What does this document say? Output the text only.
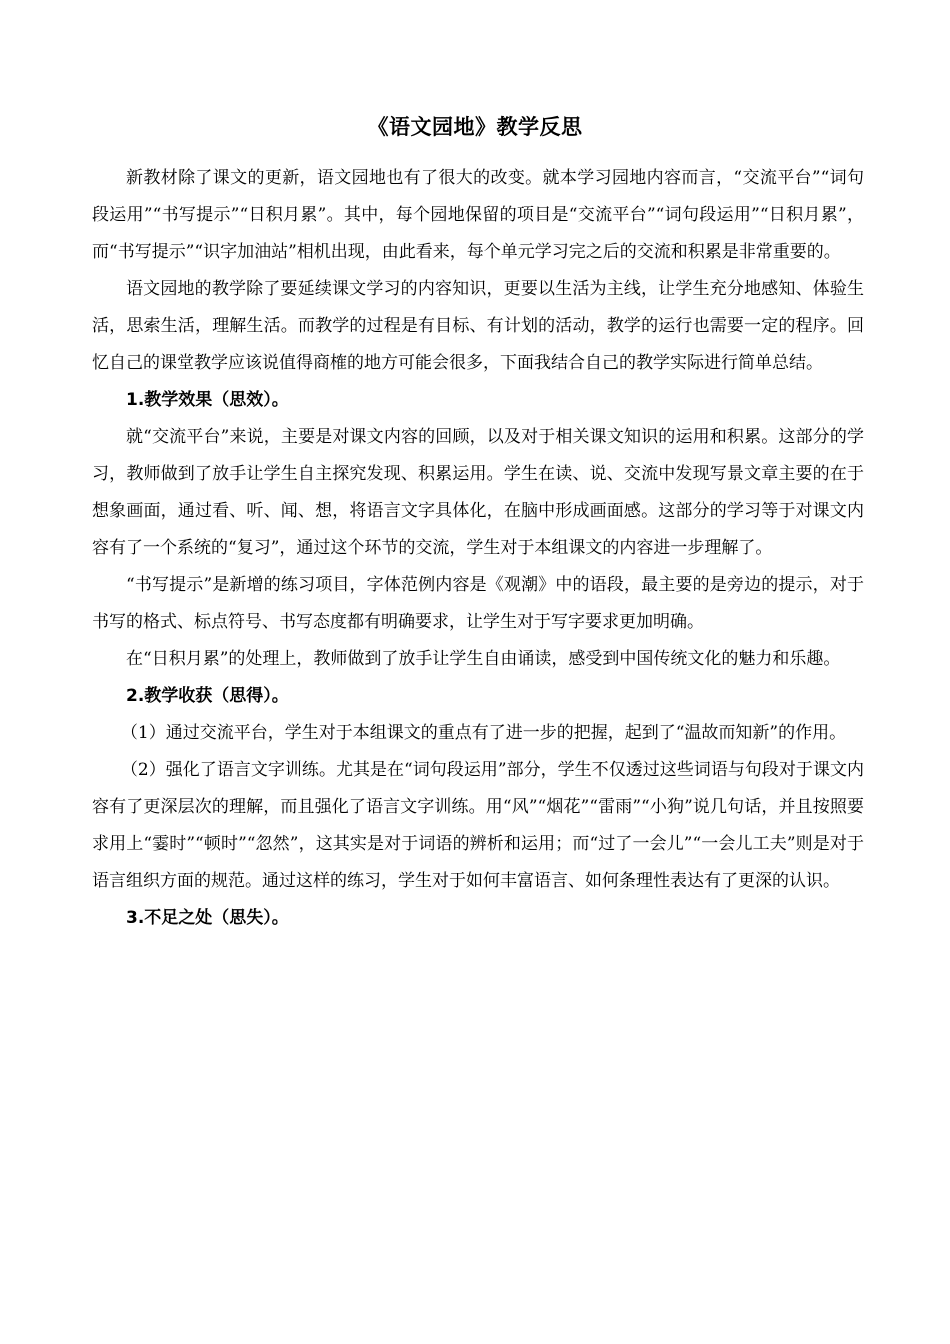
《语文园地》教学反思

新教材除了课文的更新，语文园地也有了很大的改变。就本学习园地内容而言，“交流平台”“词句段运用”“书写提示”“日积月累”。其中，每个园地保留的项目是“交流平台”“词句段运用”“日积月累”，而“书写提示”“识字加油站”相机出现，由此看来，每个单元学习完之后的交流和积累是非常重要的。

语文园地的教学除了要延续课文学习的内容知识，更要以生活为主线，让学生充分地感知、体验生活，思索生活，理解生活。而教学的过程是有目标、有计划的活动，教学的运行也需要一定的程序。回忆自己的课堂教学应该说值得商榷的地方可能会很多，下面我结合自己的教学实际进行简单总结。

1.教学效果（思效）。

就“交流平台”来说，主要是对课文内容的回顾，以及对于相关课文知识的运用和积累。这部分的学习，教师做到了放手让学生自主探究发现、积累运用。学生在读、说、交流中发现写景文章主要的在于想象画面，通过看、听、闻、想，将语言文字具体化，在脑中形成画面感。这部分的学习等于对课文内容有了一个系统的“复习”，通过这个环节的交流，学生对于本组课文的内容进一步理解了。

“书写提示”是新增的练习项目，字体范例内容是《观潮》中的语段，最主要的是旁边的提示，对于书写的格式、标点符号、书写态度都有明确要求，让学生对于写字要求更加明确。

在“日积月累”的处理上，教师做到了放手让学生自由诵读，感受到中国传统文化的魅力和乐趣。

2.教学收获（思得）。

（1）通过交流平台，学生对于本组课文的重点有了进一步的把握，起到了“温故而知新”的作用。

（2）强化了语言文字训练。尤其是在“词句段运用”部分，学生不仅透过这些词语与句段对于课文内容有了更深层次的理解，而且强化了语言文字训练。用“风”“烟花”“雷雨”“小狗”说几句话，并且按照要求用上“霎时”“顿时”“忽然”，这其实是对于词语的辨析和运用；而“过了一会儿”“一会儿工夫”则是对于语言组织方面的规范。通过这样的练习，学生对于如何丰富语言、如何条理性表达有了更深的认识。

3.不足之处（思失）。
